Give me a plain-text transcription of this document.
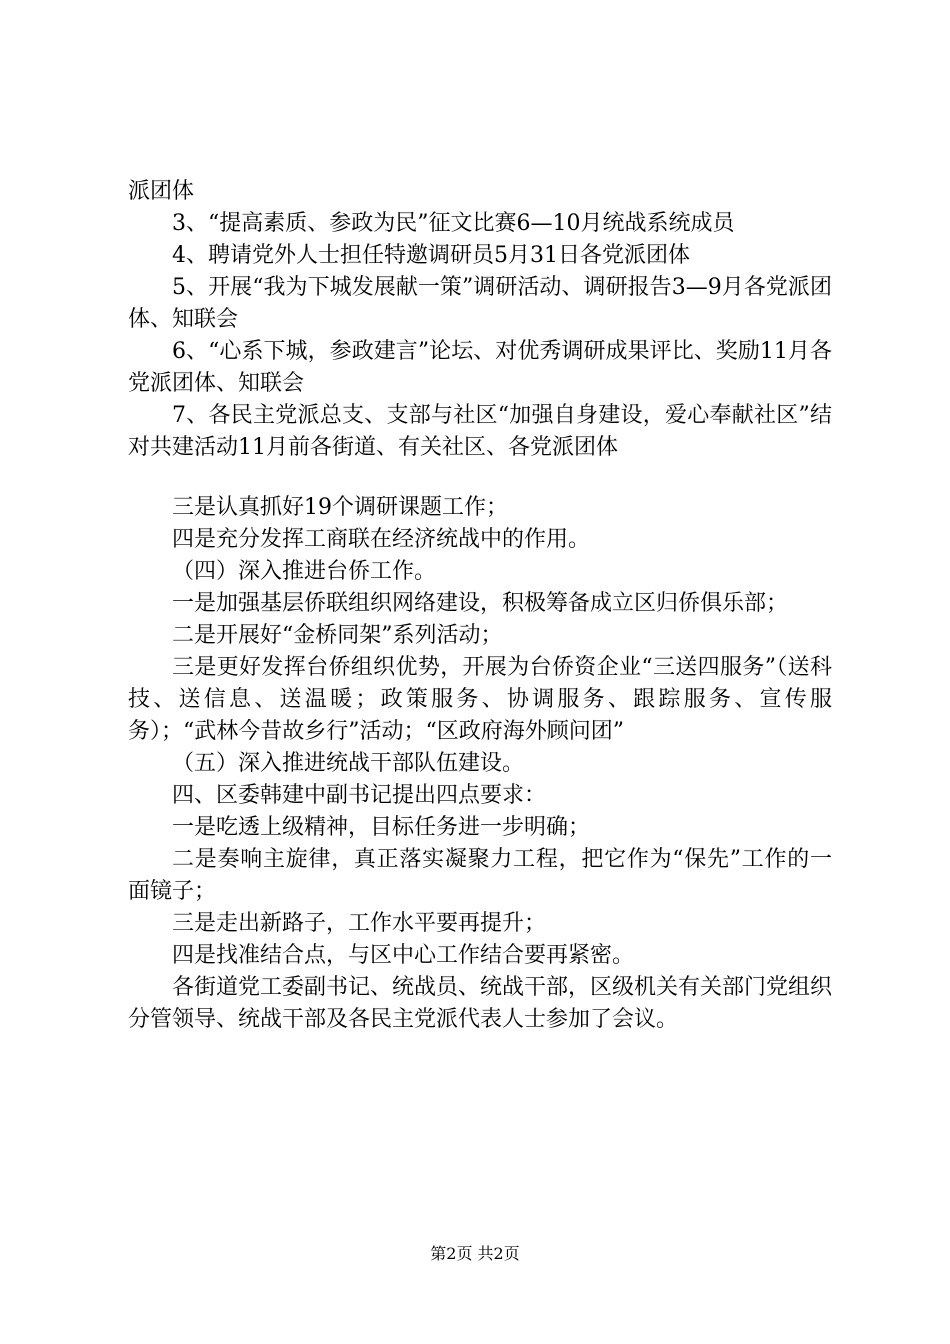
派团体

3、“提高素质、参政为民”征文比赛6—10月统战系统成员

4、聘请党外人士担任特邀调研员5月31日各党派团体

5、开展“我为下城发展献一策”调研活动、调研报告3—9月各党派团体、知联会

6、“心系下城，参政建言”论坛、对优秀调研成果评比、奖励11月各党派团体、知联会

7、各民主党派总支、支部与社区“加强自身建设，爱心奉献社区”结对共建活动11月前各街道、有关社区、各党派团体

三是认真抓好19个调研课题工作；

四是充分发挥工商联在经济统战中的作用。

（四）深入推进台侨工作。

一是加强基层侨联组织网络建设，积极筹备成立区归侨俱乐部；

二是开展好“金桥同架”系列活动；

三是更好发挥台侨组织优势，开展为台侨资企业“三送四服务”（送科技、送信息、送温暖；政策服务、协调服务、跟踪服务、宣传服务）；“武林今昔故乡行”活动；“区政府海外顾问团”

（五）深入推进统战干部队伍建设。

四、区委韩建中副书记提出四点要求：

一是吃透上级精神，目标任务进一步明确；

二是奏响主旋律，真正落实凝聚力工程，把它作为“保先”工作的一面镜子；

三是走出新路子，工作水平要再提升；

四是找准结合点，与区中心工作结合要再紧密。

各街道党工委副书记、统战员、统战干部，区级机关有关部门党组织分管领导、统战干部及各民主党派代表人士参加了会议。

第2页 共2页
